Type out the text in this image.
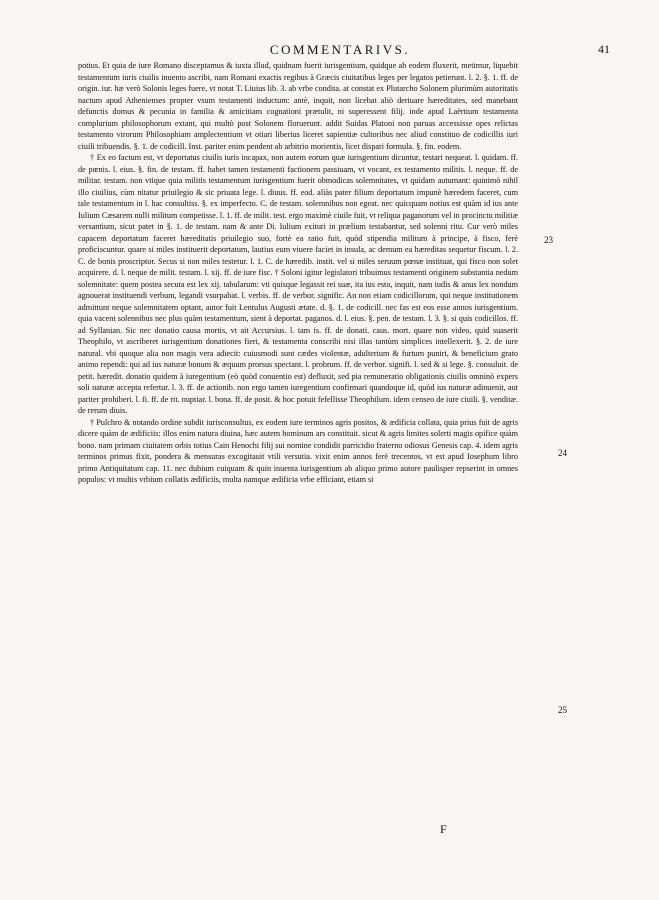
COMMENTARIVS.	41

potius. Et quia de iure Romano disceptamus & iuxta illud, quidnam fuerit iurisgentium, quidque ab eodem fluxerit, metimur, liquebit testamentum iuris ciuilis inuento ascribi, nam Romani exactis regibus à Græcis ciuitatibus leges per legatos petierunt. l. 2. §. 1. ff. de origin. iur. hæ verò Solonis leges fuere, vt notat T. Liuius lib. 3. ab vrbe condita. at constat ex Plutarcho Solonem plurimùm autoritatis nactum apud Athenienses propter vsum testamenti inductum: antè, inquit, non licebat aliò deriuare hæreditates, sed manebant defunctis domus & pecunia in familia & amicitiam cognationi prætulit, ni superessent filij. inde apud Laërtium testamenta complurium philosophorum extant, qui multò post Solonem floruerunt. addit Suidas Platoni non paruas accessisse opes relictas testamento virorum Philosophiam amplectentium vt otiari liberius liceret sapientiæ cultoribus nec aliud constituo de codicillis iuri ciuili tribuendis. §. 1. de codicill. Inst. pariter enim pendent ab arbitrio morientis, licet dispari formula. §. fin. eodem.

† Ex eo factum est, vt deportatus ciuilis iuris incapax, non autem eorum quæ iurisgentium dicuntur, testari nequeat. l. quidam. ff. de pœnis. l. eius. §. fin. de testam. ff. habet tamen testamenti factionem passiuam, vt vocant, ex testamento militis. l. neque. ff. de militar. testam. non vtique quia militis testamentum iurisgentium fuerit obmodicas solemnitates, vt quidam autumant: quinimò nihil illo ciuilius, cùm nitatur priuilegio & sic priuata lege. l. diuus. ff. eod. aliàs pater filium deportatum impunè hæredem faceret, cum tale testamentum in l. hac consultiss. §. ex imperfecto. C. de testam. solemnibus non egeat. nec quicquam notius est quàm id ius ante Iulium Cæsarem nulli militum competisse. l. 1. ff. de milit. test. ergo maximè ciuile fuit, vt reliqua paganorum vel in procinctu militiæ versantium, sicut patet in §. 1. de testam. nam & ante Di. Iulium exituri in prælium testabantur, sed solenni ritu. Cur verò miles capacem deportatum faceret hæreditatis priuilegio suo, fortè ea ratio fuit, quòd stipendia militum à principe, à fisco, ferè proficiscuntur. quare si miles instituerit deportatum, lautius eum viuere faciet in insula, ac demum ea hæreditas sequetur fiscum. l. 2. C. de bonis proscriptor. Secus si non miles testetur. l. 1. C. de hæredib. instit. vel si miles seruum pœnæ instituat, qui fisco non solet acquirere. d. l. neque de milit. testam. l. xij. ff. de iure fisc. † Soloni igitur legislatori tribuimus testamenti originem substantia nedum solemnitate: quem postea secuta est lex xij. tabularum: vti quisque legassit rei suæ, ita ius esto, inquit, nam iudis & anus lex nondum agnouerat instituendi verbum, legandi vsurpabat. l. verbis. ff. de verbor. signific. An non etiam codicillorum, qui neque institutionem admittunt neque solemnitatem optant, autor fuit Lentulus Augusti ætate. d. §. 1. de codicill. nec fas est eos esse annos iurisgentium. quia vacent solennibus nec plus quàm testamentum, sient à deportat. paganos. d. l. eius. §. pen. de testam. l. 3. §. si quis codicillos. ff. ad Syllanian. Sic nec donatio causa mortis, vt ait Accursius. l. tam is. ff. de donati. caus. mort. quare non video, quid suaserit Theophilo, vt ascriberet iurisgentium donationes fieri, & testamenta conscribi nisi illas tantùm simplices intellexerit. §. 2. de iure natural. vbi quoque alia non magis vera adiecit: cuiusmodi sunt cædes violentæ, adulterium & furtum puniri, & beneficium grato animo rependi: qui ad ius naturæ bonum & æquum prorsus spectant. l. probrum. ff. de verbor. signifi. l. sed & si lege. §. consuluit. de petit. hæredit. donatio quidem à iuregentium (eò quòd conuentio est) defluxit, sed pia remuneratio obligationis ciuilis omninò expers soli naturæ accepta refertur. l. 3. ff. de actionib. non ergo tamen iuregentium confirmari quandoque id, quòd ius naturæ adinuenit, aut pariter prohiberi. l. fi. ff. de rit. nuptiar. l. bona. ff. de posit. & hoc potuit fefellisse Theophilum. idem censeo de iure ciuili. §. venditæ. de rerum diuis.

† Pulchro & notando ordine subdit iurisconsultus, ex eodem iure terminos agris positos, & ædificia collata, quia prius fuit de agris dicere quàm de ædificiis: illos enim natura diuina, hæc autem hominum ars constituit. sicut & agris limites solerti magis opifice quàm bono. nam primam ciuitatem orbis totius Cain Henochi filij sui nomine condidit parricidio fraterno odiosus Genesis cap. 4. idem agris terminos primus fixit, pondera & mensuras excogitauit vtili versutia. vixit enim annos ferè trecentos, vt est apud Iosephum libro primo Antiquitatum cap. 11. nec dubium cuiquam & quin inuenta iurisgentium ab aliquo primo autore paulisper repserint in omnes populos: vt multis vrbium collatis ædificiis, multa namque ædificia vrbe efficiant, etiam si

23
24
25
F
